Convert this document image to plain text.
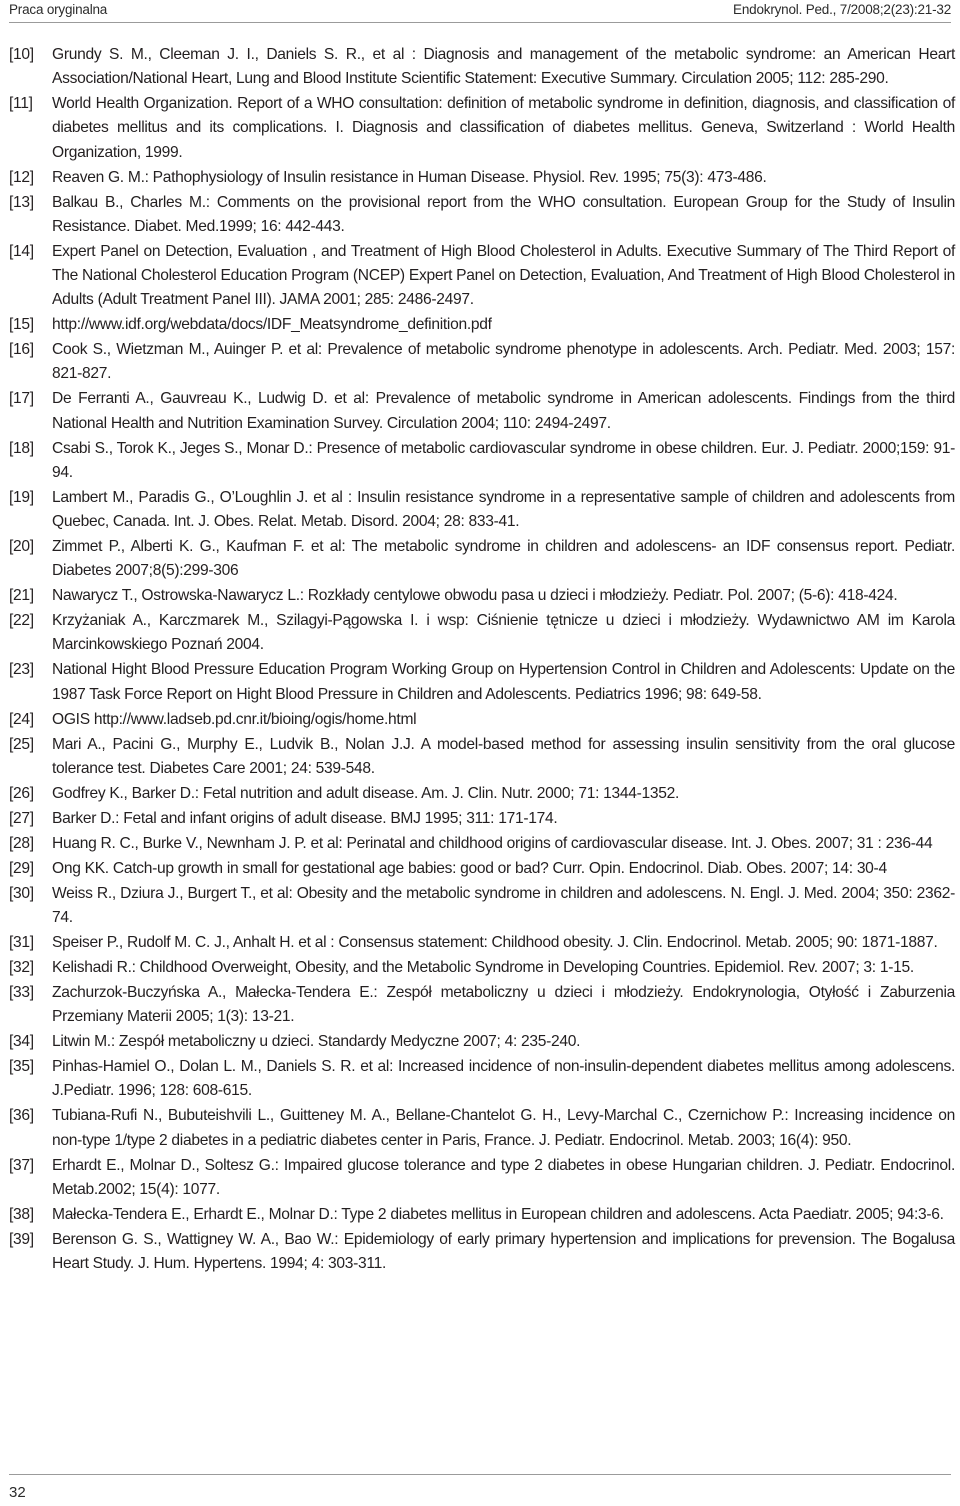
Praca oryginalna	Endokrynol. Ped., 7/2008;2(23):21-32
[10]	Grundy S. M., Cleeman J. I., Daniels S. R., et al : Diagnosis and management of the metabolic syndrome: an American Heart Association/National Heart, Lung and Blood Institute Scientific Statement: Executive Summary. Circulation 2005; 112: 285-290.
[11]	World Health Organization. Report of a WHO consultation: definition of metabolic syndrome in definition, diagnosis, and classification of diabetes mellitus and its complications. I. Diagnosis and classification of diabetes mellitus. Geneva, Switzerland : World Health Organization, 1999.
[12]	Reaven G. M.: Pathophysiology of Insulin resistance in Human Disease. Physiol. Rev. 1995; 75(3): 473-486.
[13]	Balkau B., Charles M.: Comments on the provisional report from the WHO consultation. European Group for the Study of Insulin Resistance. Diabet. Med.1999; 16: 442-443.
[14]	Expert Panel on Detection, Evaluation , and Treatment of High Blood Cholesterol in Adults. Executive Summary of The Third Report of The National Cholesterol Education Program (NCEP) Expert Panel on Detection, Evaluation, And Treatment of High Blood Cholesterol in Adults (Adult Treatment Panel III). JAMA 2001; 285: 2486-2497.
[15]	http://www.idf.org/webdata/docs/IDF_Meatsyndrome_definition.pdf
[16]	Cook S., Wietzman M., Auinger P. et al: Prevalence of metabolic syndrome phenotype in adolescents. Arch. Pediatr. Med. 2003; 157: 821-827.
[17]	De Ferranti A., Gauvreau K., Ludwig D. et al: Prevalence of metabolic syndrome in American adolescents. Findings from the third National Health and Nutrition Examination Survey. Circulation 2004; 110: 2494-2497.
[18]	Csabi S., Torok K., Jeges S., Monar D.: Presence of metabolic cardiovascular syndrome in obese children. Eur. J. Pediatr. 2000;159: 91-94.
[19]	Lambert M., Paradis G., O’Loughlin J. et al : Insulin resistance syndrome in a representative sample of children and adolescents from Quebec, Canada. Int. J. Obes. Relat. Metab. Disord. 2004; 28: 833-41.
[20]	Zimmet P., Alberti K. G., Kaufman F. et al: The metabolic syndrome in children and adolescens- an IDF consensus report. Pediatr. Diabetes 2007;8(5):299-306
[21]	Nawarycz T., Ostrowska-Nawarycz L.: Rozkłady centylowe obwodu pasa u dzieci i młodzieży. Pediatr. Pol. 2007; (5-6): 418-424.
[22]	Krzyżaniak A., Karczmarek M., Szilagyi-Pągowska I. i wsp: Ciśnienie tętnicze u dzieci i młodzieży. Wydawnictwo AM im Karola Marcinkowskiego Poznań 2004.
[23]	National Hight Blood Pressure Education Program Working Group on Hypertension Control in Children and Adolescents: Update on the 1987 Task Force Report on Hight Blood Pressure in Children and Adolescents. Pediatrics 1996; 98: 649-58.
[24]	OGIS http://www.ladseb.pd.cnr.it/bioing/ogis/home.html
[25]	Mari A., Pacini G., Murphy E., Ludvik B., Nolan J.J. A model-based method for assessing insulin sensitivity from the oral glucose tolerance test. Diabetes Care 2001; 24: 539-548.
[26]	Godfrey K., Barker D.: Fetal nutrition and adult disease. Am. J. Clin. Nutr. 2000; 71: 1344-1352.
[27]	Barker D.: Fetal and infant origins of adult disease. BMJ 1995; 311: 171-174.
[28]	Huang R. C., Burke V., Newnham J. P. et al: Perinatal and childhood origins of cardiovascular disease. Int. J. Obes. 2007; 31 : 236-44
[29]	Ong KK. Catch-up growth in small for gestational age babies: good or bad? Curr. Opin. Endocrinol. Diab. Obes. 2007; 14: 30-4
[30]	Weiss R., Dziura J., Burgert T., et al: Obesity and the metabolic syndrome in children and adolescens. N. Engl. J. Med. 2004; 350: 2362-74.
[31]	Speiser P., Rudolf M. C. J., Anhalt H. et al : Consensus statement: Childhood obesity. J. Clin. Endocrinol. Metab. 2005; 90: 1871-1887.
[32]	Kelishadi R.: Childhood Overweight, Obesity, and the Metabolic Syndrome in Developing Countries. Epidemiol. Rev. 2007; 3: 1-15.
[33]	Zachurzok-Buczyńska A., Małecka-Tendera E.: Zespół metaboliczny u dzieci i młodzieży. Endokrynologia, Otyłość i Zaburzenia Przemiany Materii 2005; 1(3): 13-21.
[34]	Litwin M.: Zespół metaboliczny u dzieci. Standardy Medyczne 2007; 4: 235-240.
[35]	Pinhas-Hamiel O., Dolan L. M., Daniels S. R. et al: Increased incidence of non-insulin-dependent diabetes mellitus among adolescens. J.Pediatr. 1996; 128: 608-615.
[36]	Tubiana-Rufi N., Bubuteishvili L., Guitteney M. A., Bellane-Chantelot G. H., Levy-Marchal C., Czernichow P.: Increasing incidence on non-type 1/type 2 diabetes in a pediatric diabetes center in Paris, France. J. Pediatr. Endocrinol. Metab. 2003; 16(4): 950.
[37]	Erhardt E., Molnar D., Soltesz G.: Impaired glucose tolerance and type 2 diabetes in obese Hungarian children. J. Pediatr. Endocrinol. Metab.2002; 15(4): 1077.
[38]	Małecka-Tendera E., Erhardt E., Molnar D.: Type 2 diabetes mellitus in European children and adolescens. Acta Paediatr. 2005; 94:3-6.
[39]	Berenson G. S., Wattigney W. A., Bao W.: Epidemiology of early primary hypertension and implications for prevension. The Bogalusa Heart Study. J. Hum. Hypertens. 1994; 4: 303-311.
32
